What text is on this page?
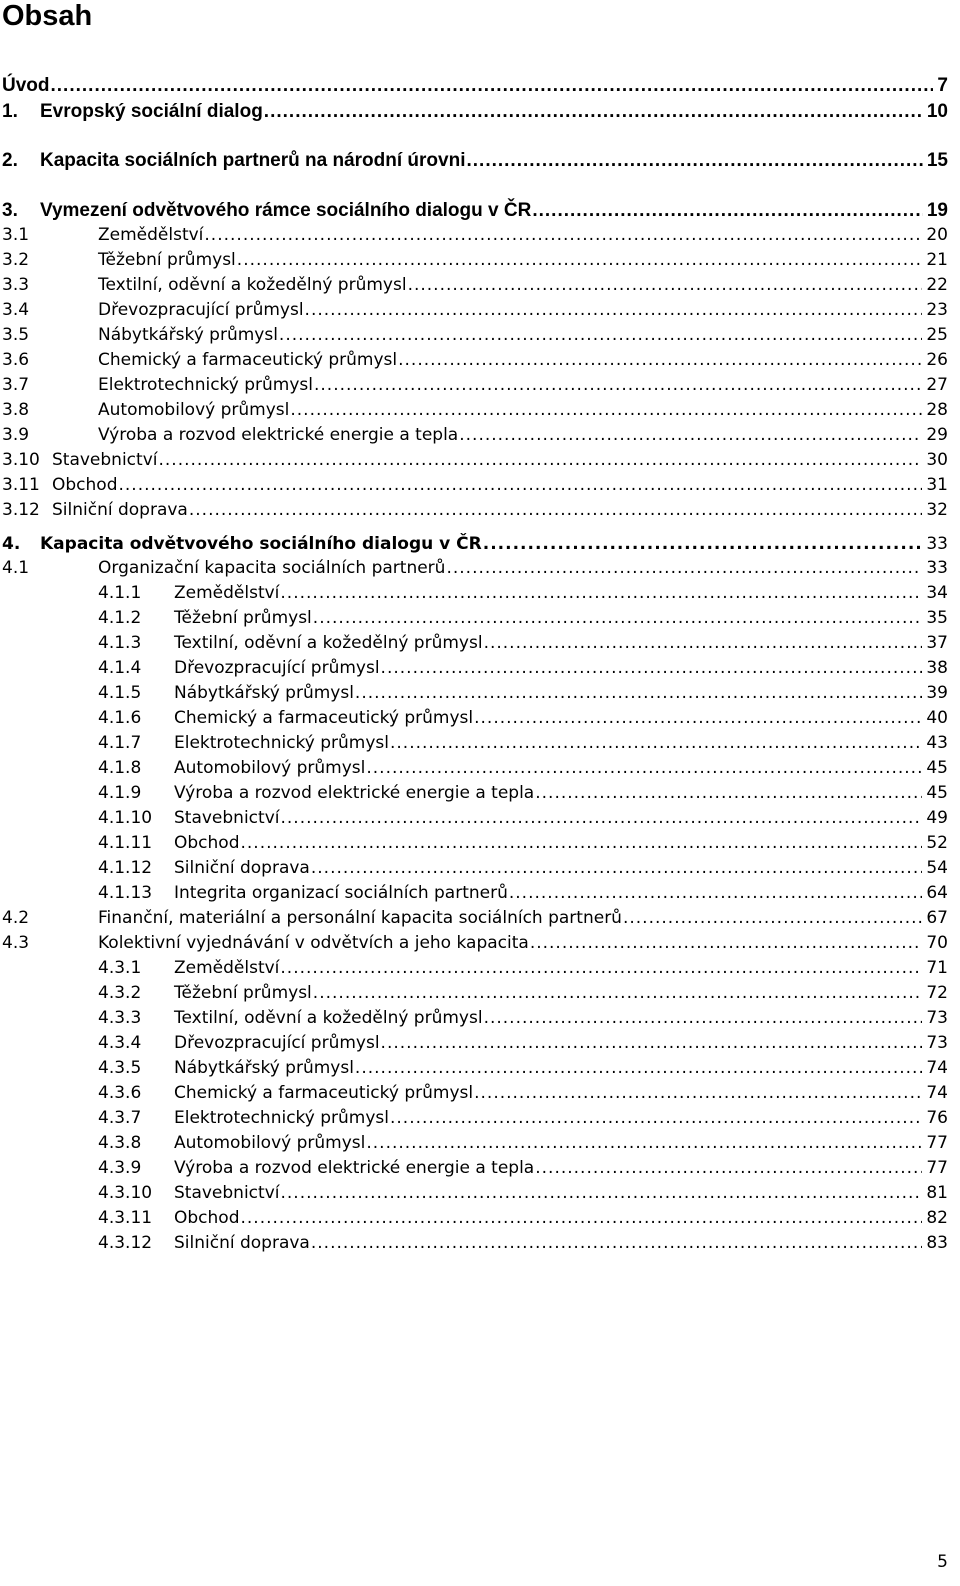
Obsah
Úvod .....	7
1.	Evropský sociální dialog .....	10
2.	Kapacita sociálních partnerů na národní úrovni .....	15
3.	Vymezení odvětvového rámce sociálního dialogu v ČR .....	19
3.1	Zemědělství .....	20
3.2	Těžební průmysl .....	21
3.3	Textilní, oděvní a kožedělný průmysl .....	22
3.4	Dřevozpracující průmysl .....	23
3.5	Nábytkářský průmysl .....	25
3.6	Chemický a farmaceutický průmysl .....	26
3.7	Elektrotechnický průmysl .....	27
3.8	Automobilový průmysl .....	28
3.9	Výroba a rozvod elektrické energie a tepla .....	29
3.10 Stavebnictví .....	30
3.11 Obchod .....	31
3.12 Silniční doprava .....	32
4.	Kapacita odvětvového sociálního dialogu v ČR .....	33
4.1	Organizační kapacita sociálních partnerů .....	33
4.1.1	Zemědělství .....	34
4.1.2	Těžební průmysl .....	35
4.1.3	Textilní, oděvní a kožedělný průmysl .....	37
4.1.4	Dřevozpracující průmysl .....	38
4.1.5	Nábytkářský průmysl .....	39
4.1.6	Chemický a farmaceutický průmysl .....	40
4.1.7	Elektrotechnický průmysl .....	43
4.1.8	Automobilový průmysl .....	45
4.1.9	Výroba a rozvod elektrické energie a tepla .....	45
4.1.10	Stavebnictví .....	49
4.1.11	Obchod .....	52
4.1.12	Silniční doprava .....	54
4.1.13	Integrita organizací sociálních partnerů .....	64
4.2	Finanční, materiální a personální kapacita sociálních partnerů .....	67
4.3	Kolektivní vyjednávání v odvětvích a jeho kapacita .....	70
4.3.1	Zemědělství .....	71
4.3.2	Těžební průmysl .....	72
4.3.3	Textilní, oděvní a kožedělný průmysl .....	73
4.3.4	Dřevozpracující průmysl .....	73
4.3.5	Nábytkářský průmysl .....	74
4.3.6	Chemický a farmaceutický průmysl .....	74
4.3.7	Elektrotechnický průmysl .....	76
4.3.8	Automobilový průmysl .....	77
4.3.9	Výroba a rozvod elektrické energie a tepla .....	77
4.3.10	Stavebnictví .....	81
4.3.11	Obchod .....	82
4.3.12	Silniční doprava .....	83
5
